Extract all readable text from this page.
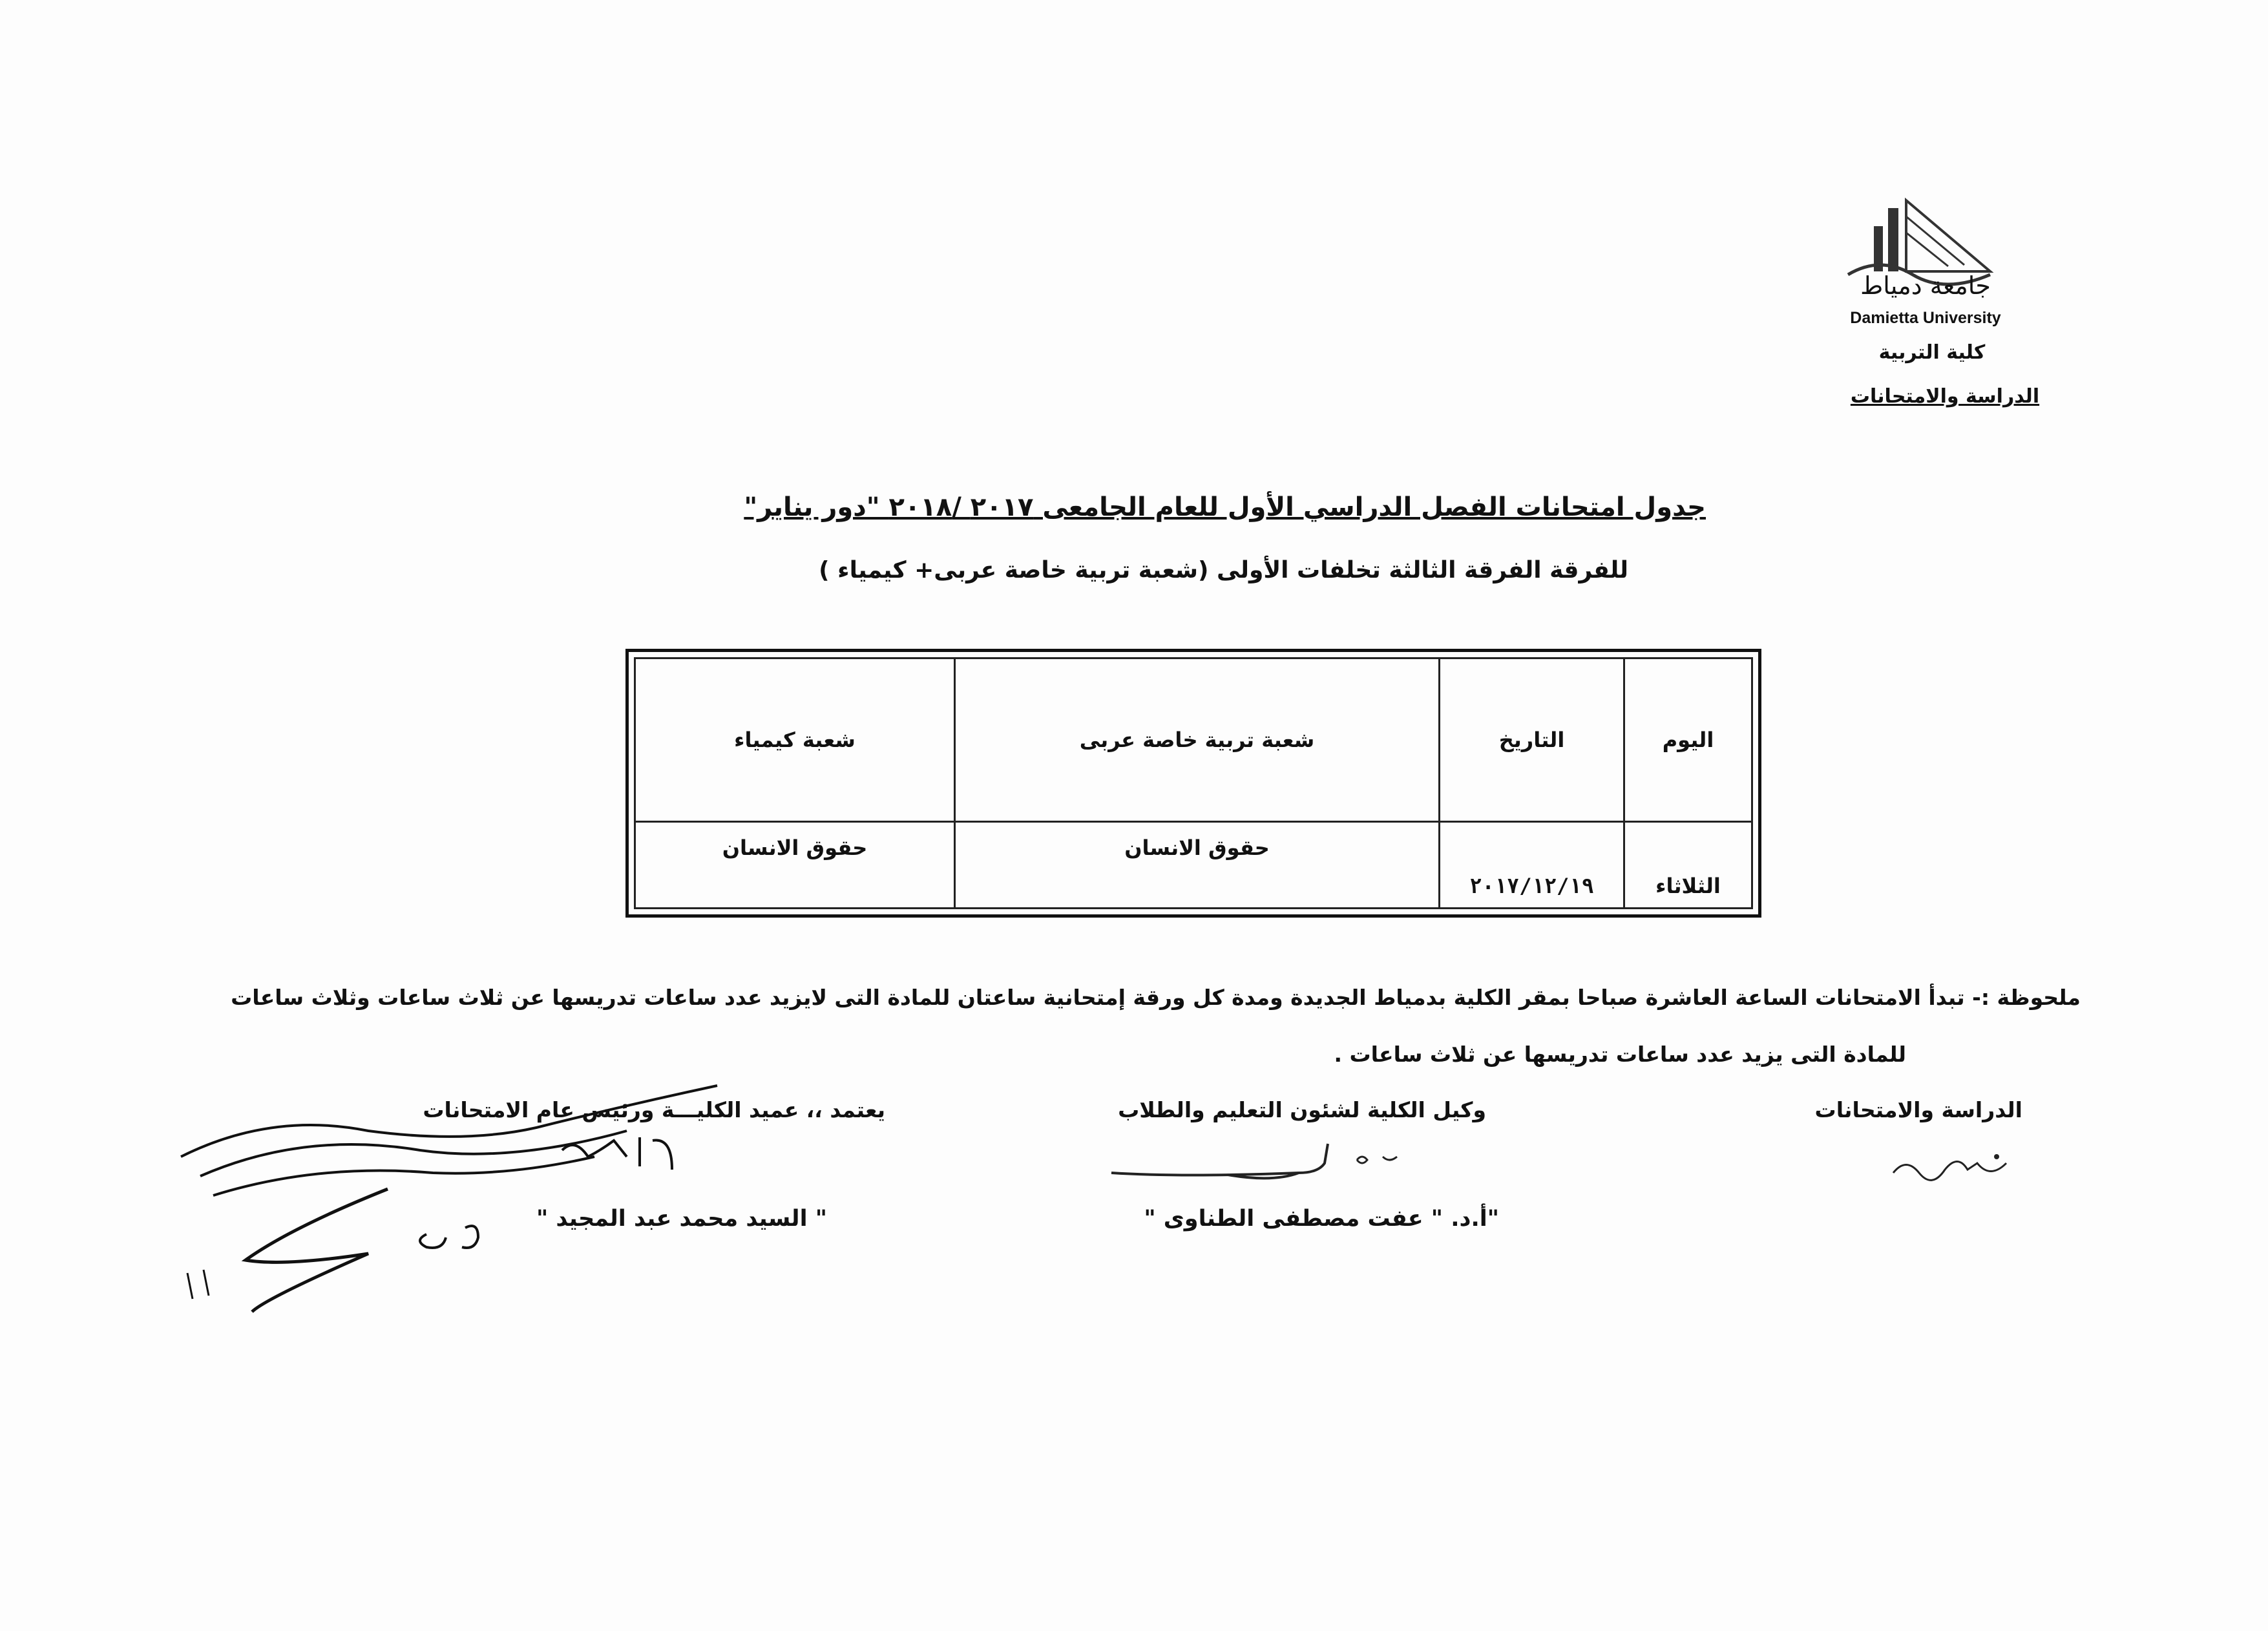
جامعة دمياط
Damietta University
كلية التربية
الدراسة والامتحانات
جدول امتحانات الفصل الدراسي الأول للعام الجامعى ٢٠١٧ /٢٠١٨ "دور يناير"
للفرقة الفرقة الثالثة تخلفات الأولى (شعبة تربية خاصة عربى+ كيمياء )
اليوم	التاريخ	شعبة تربية خاصة عربى	شعبة كيمياء
الثلاثاء	٢٠١٧/١٢/١٩	حقوق الانسان	حقوق الانسان
ملحوظة :- تبدأ الامتحانات الساعة العاشرة صباحا بمقر الكلية بدمياط الجديدة ومدة كل ورقة إمتحانية ساعتان للمادة التى لايزيد عدد ساعات تدريسها عن ثلاث ساعات وثلاث ساعات
للمادة التى يزيد عدد ساعات تدريسها عن ثلاث ساعات .
الدراسة والامتحانات
وكيل الكلية لشئون التعليم والطلاب
يعتمد ،، عميد الكليـــة ورئيس عام الامتحانات
"أ.د. " عفت مصطفى الطناوى "
" السيد محمد عبد المجيد "
